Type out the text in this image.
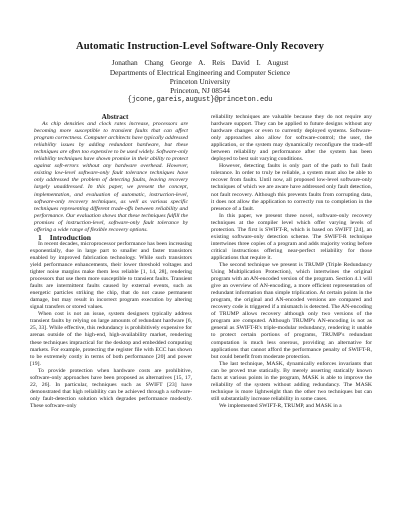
Automatic Instruction-Level Software-Only Recovery
Jonathan Chang George A. Reis David I. August
Departments of Electrical Engineering and Computer Science
Princeton University
Princeton, NJ 08544
{jcone,gareis,august}@princeton.edu

Abstract

As chip densities and clock rates increase, processors are becoming more susceptible to transient faults that can affect program correctness. Computer architects have typically addressed reliability issues by adding redundant hardware, but these techniques are often too expensive to be used widely. Software-only reliability techniques have shown promise in their ability to protect against soft-errors without any hardware overhead. However, existing low-level software-only fault tolerance techniques have only addressed the problem of detecting faults, leaving recovery largely unaddressed. In this paper, we present the concept, implementation, and evaluation of automatic, instruction-level, software-only recovery techniques, as well as various specific techniques representing different trade-offs between reliability and performance. Our evaluation shows that these techniques fulfill the promises of instruction-level, software-only fault tolerance by offering a wide range of flexible recovery options.

1 Introduction

In recent decades, microprocessor performance has been increasing exponentially, due in large part to smaller and faster transistors enabled by improved fabrication technology. While such transistors yield performance enhancements, their lower threshold voltages and tighter noise margins make them less reliable [1, 14, 28], rendering processors that use them more susceptible to transient faults. Transient faults are intermittent faults caused by external events, such as energetic particles striking the chip, that do not cause permanent damage, but may result in incorrect program execution by altering signal transfers or stored values.

When cost is not an issue, system designers typically address transient faults by relying on large amounts of redundant hardware [6, 25, 33]. While effective, this redundancy is prohibitively expensive for arenas outside of the high-end, high-availability market, rendering these techniques impractical for the desktop and embedded computing markets. For example, protecting the register file with ECC has shown to be extremely costly in terms of both performance [20] and power [19].

To provide protection when hardware costs are prohibitive, software-only approaches have been proposed as alternatives [15, 17, 22, 26]. In particular, techniques such as SWIFT [23] have demonstrated that high reliability can be achieved through a software-only fault-detection solution which degrades performance modestly. These software-only

reliability techniques are valuable because they do not require any hardware support. They can be applied to future designs without any hardware changes or even to currently deployed systems. Software-only approaches also allow for software-control; the user, the application, or the system may dynamically reconfigure the trade-off between reliability and performance after the system has been deployed to best suit varying conditions.

However, detecting faults is only part of the path to full fault tolerance. In order to truly be reliable, a system must also be able to recover from faults. Until now, all proposed low-level software-only techniques of which we are aware have addressed only fault detection, not fault recovery. Although this prevents faults from corrupting data, it does not allow the application to correctly run to completion in the presence of a fault.

In this paper, we present three novel, software-only recovery techniques at the compiler level which offer varying levels of protection. The first is SWIFT-R, which is based on SWIFT [24], an existing software-only detection scheme. The SWIFT-R technique intertwines three copies of a program and adds majority voting before critical instructions offering near-perfect reliability for those applications that require it.

The second technique we present is TRUMP (Triple Redundancy Using Multiplication Protection), which intertwines the original program with an AN-encoded version of the program. Section 4.1 will give an overview of AN-encoding, a more efficient representation of redundant information than simple triplication. At certain points in the program, the original and AN-encoded versions are compared and recovery code is triggered if a mismatch is detected. The AN-encoding of TRUMP allows recovery although only two versions of the program are computed. Although TRUMP's AN-encoding is not as general as SWIFT-R's triple-modular redundancy, rendering it unable to protect certain portions of programs, TRUMP's redundant computation is much less onerous, providing an alternative for applications that cannot afford the performance penalty of SWIFT-R, but could benefit from moderate protection.

The last technique, MASK, dynamically enforces invariants that can be proved true statically. By merely asserting statically known facts at various points in the program, MASK is able to improve the reliability of the system without adding redundancy. The MASK technique is more lightweight than the other two techniques but can still substantially increase reliability in some cases.

We implemented SWIFT-R, TRUMP, and MASK in a
